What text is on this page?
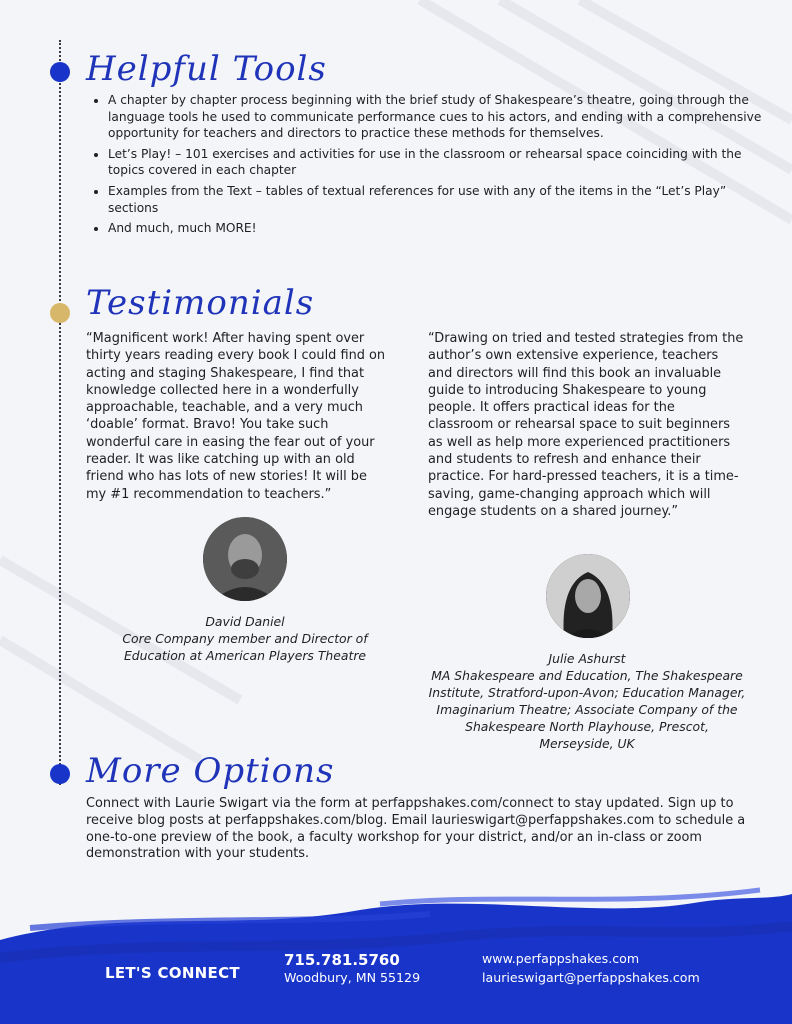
Helpful Tools
• A chapter by chapter process beginning with the brief study of Shakespeare’s theatre, going through the language tools he used to communicate performance cues to his actors, and ending with a comprehensive opportunity for teachers and directors to practice these methods for themselves.
• Let’s Play! – 101 exercises and activities for use in the classroom or rehearsal space coinciding with the topics covered in each chapter
• Examples from the Text – tables of textual references for use with any of the items in the “Let’s Play” sections
• And much, much MORE!
Testimonials

“Magnificent work! After having spent over thirty years reading every book I could find on acting and staging Shakespeare, I find that knowledge collected here in a wonderfully approachable, teachable, and a very much ‘doable’ format. Bravo! You take such wonderful care in easing the fear out of your reader. It was like catching up with an old friend who has lots of new stories! It will be my #1 recommendation to teachers.”

David Daniel

Core Company member and Director of Education at American Players Theatre

“Drawing on tried and tested strategies from the author’s own extensive experience, teachers and directors will find this book an invaluable guide to introducing Shakespeare to young people. It offers practical ideas for the classroom or rehearsal space to suit beginners as well as help more experienced practitioners and students to refresh and enhance their practice. For hard-pressed teachers, it is a time-saving, game-changing approach which will engage students on a shared journey.”

Julie Ashurst

MA Shakespeare and Education, The Shakespeare Institute, Stratford-upon-Avon; Education Manager, Imaginarium Theatre; Associate Company of the Shakespeare North Playhouse, Prescot, Merseyside, UK

More Options

Connect with Laurie Swigart via the form at perfappshakes.com/connect to stay updated. Sign up to receive blog posts at perfappshakes.com/blog. Email laurieswigart@perfappshakes.com to schedule a one-to-one preview of the book, a faculty workshop for your district, and/or an in-class or zoom demonstration with your students.

LET'S CONNECT
715.781.5760
Woodbury, MN 55129
www.perfappshakes.com
laurieswigart@perfappshakes.com
